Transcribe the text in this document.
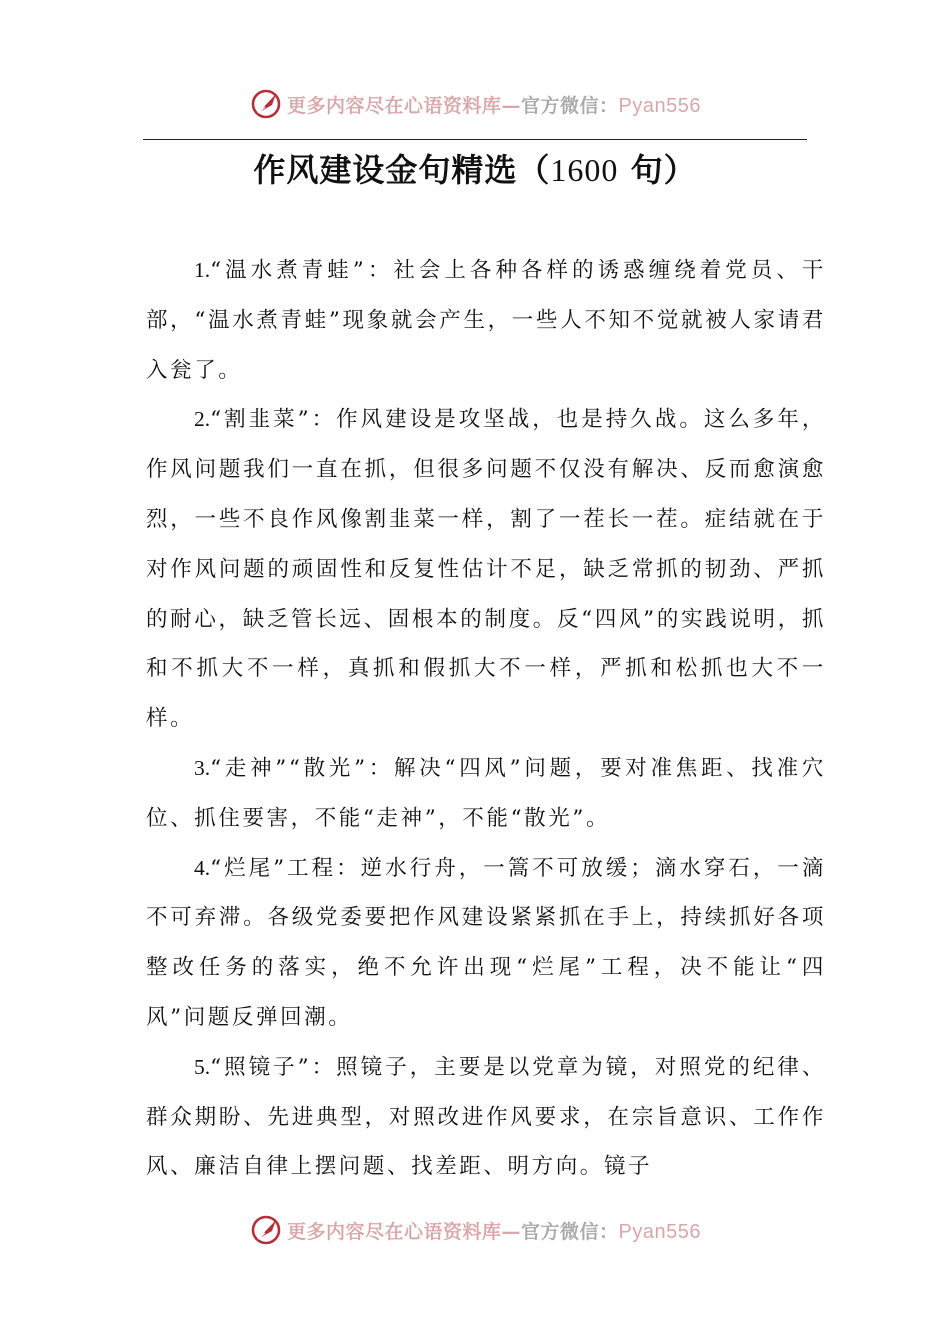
更多内容尽在心语资料库—官方微信：Pyan556
作风建设金句精选（1600 句）

1.“温水煮青蛙”：社会上各种各样的诱惑缠绕着党员、干部，“温水煮青蛙”现象就会产生，一些人不知不觉就被人家请君入瓮了。

2.“割韭菜”：作风建设是攻坚战，也是持久战。这么多年，作风问题我们一直在抓，但很多问题不仅没有解决、反而愈演愈烈，一些不良作风像割韭菜一样，割了一茬长一茬。症结就在于对作风问题的顽固性和反复性估计不足，缺乏常抓的韧劲、严抓的耐心，缺乏管长远、固根本的制度。反“四风”的实践说明，抓和不抓大不一样，真抓和假抓大不一样，严抓和松抓也大不一样。

3.“走神”“散光”：解决“四风”问题，要对准焦距、找准穴位、抓住要害，不能“走神”，不能“散光”。

4.“烂尾”工程：逆水行舟，一篙不可放缓；滴水穿石，一滴不可弃滞。各级党委要把作风建设紧紧抓在手上，持续抓好各项整改任务的落实，绝不允许出现“烂尾”工程，决不能让“四风”问题反弹回潮。

5.“照镜子”：照镜子，主要是以党章为镜，对照党的纪律、群众期盼、先进典型，对照改进作风要求，在宗旨意识、工作作风、廉洁自律上摆问题、找差距、明方向。镜子

更多内容尽在心语资料库—官方微信：Pyan556
